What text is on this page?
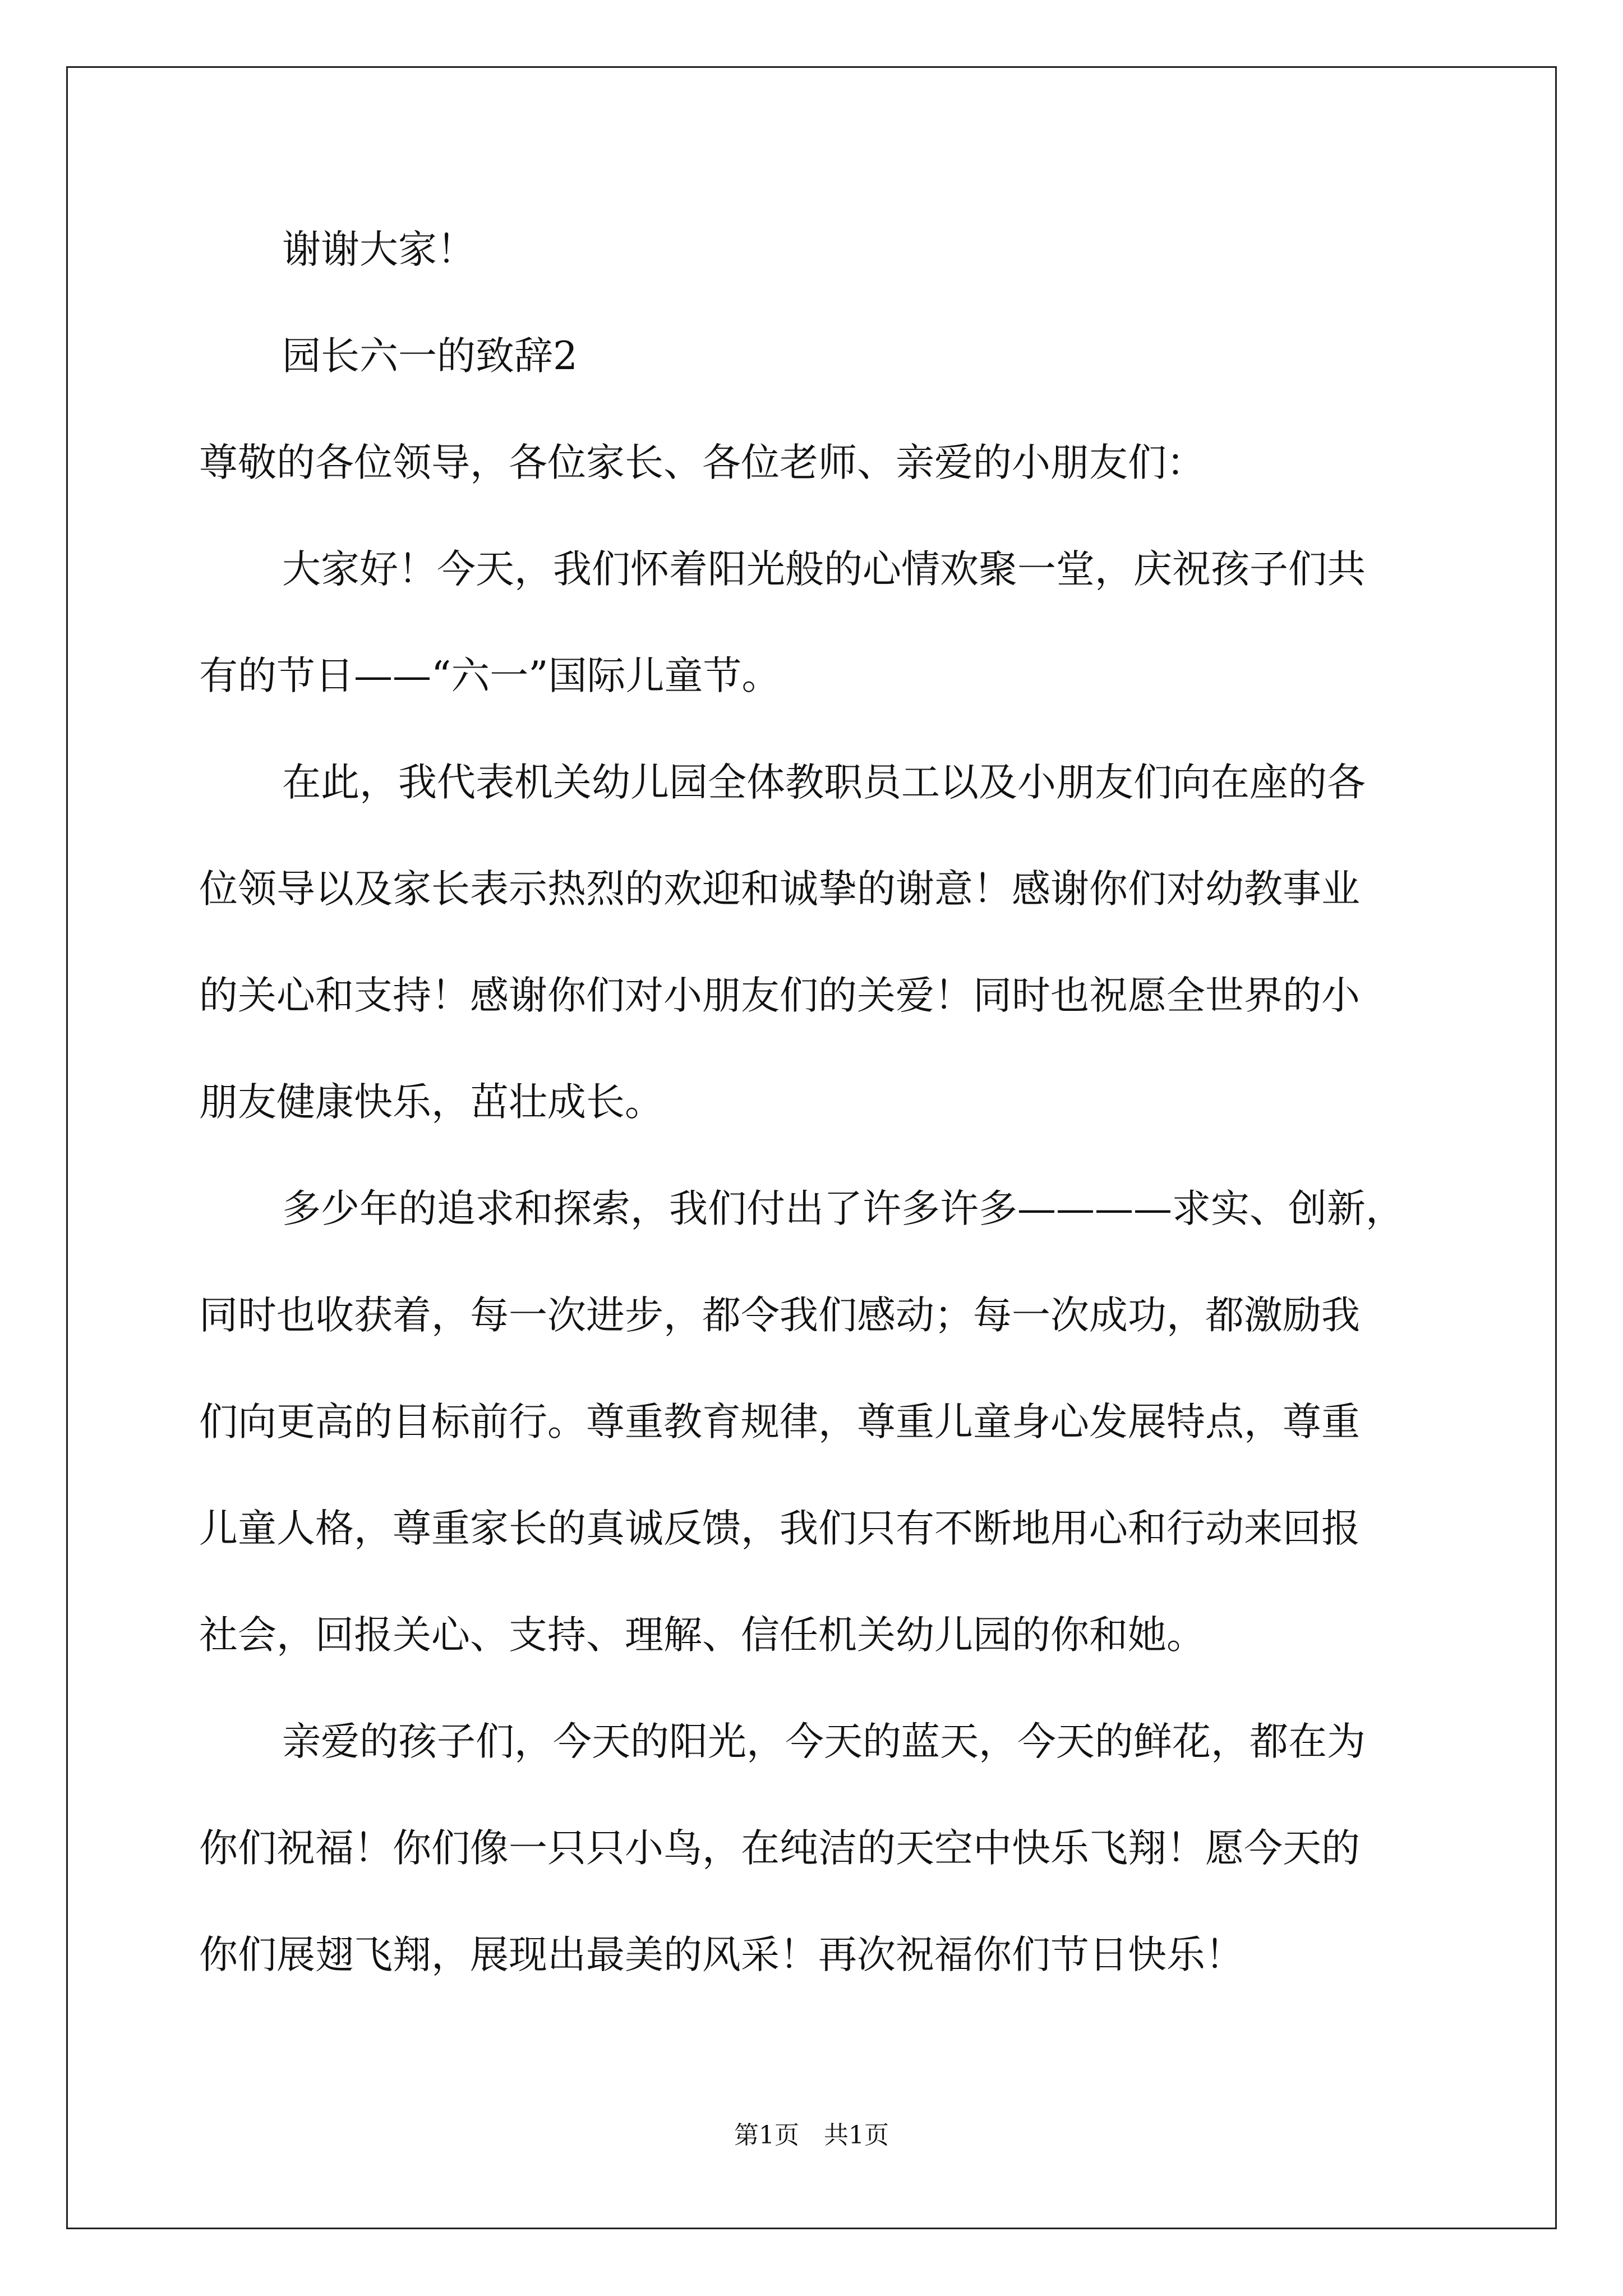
谢谢大家！
园长六一的致辞2
尊敬的各位领导，各位家长、各位老师、亲爱的小朋友们：
大家好！今天，我们怀着阳光般的心情欢聚一堂，庆祝孩子们共
有的节日——“六一”国际儿童节。
在此，我代表机关幼儿园全体教职员工以及小朋友们向在座的各
位领导以及家长表示热烈的欢迎和诚挚的谢意！感谢你们对幼教事业
的关心和支持！感谢你们对小朋友们的关爱！同时也祝愿全世界的小
朋友健康快乐，茁壮成长。
多少年的追求和探索，我们付出了许多许多————求实、创新，
同时也收获着，每一次进步，都令我们感动；每一次成功，都激励我
们向更高的目标前行。尊重教育规律，尊重儿童身心发展特点，尊重
儿童人格，尊重家长的真诚反馈，我们只有不断地用心和行动来回报
社会，回报关心、支持、理解、信任机关幼儿园的你和她。
亲爱的孩子们，今天的阳光，今天的蓝天，今天的鲜花，都在为
你们祝福！你们像一只只小鸟，在纯洁的天空中快乐飞翔！愿今天的
你们展翅飞翔，展现出最美的风采！再次祝福你们节日快乐！
第1页　共1页
